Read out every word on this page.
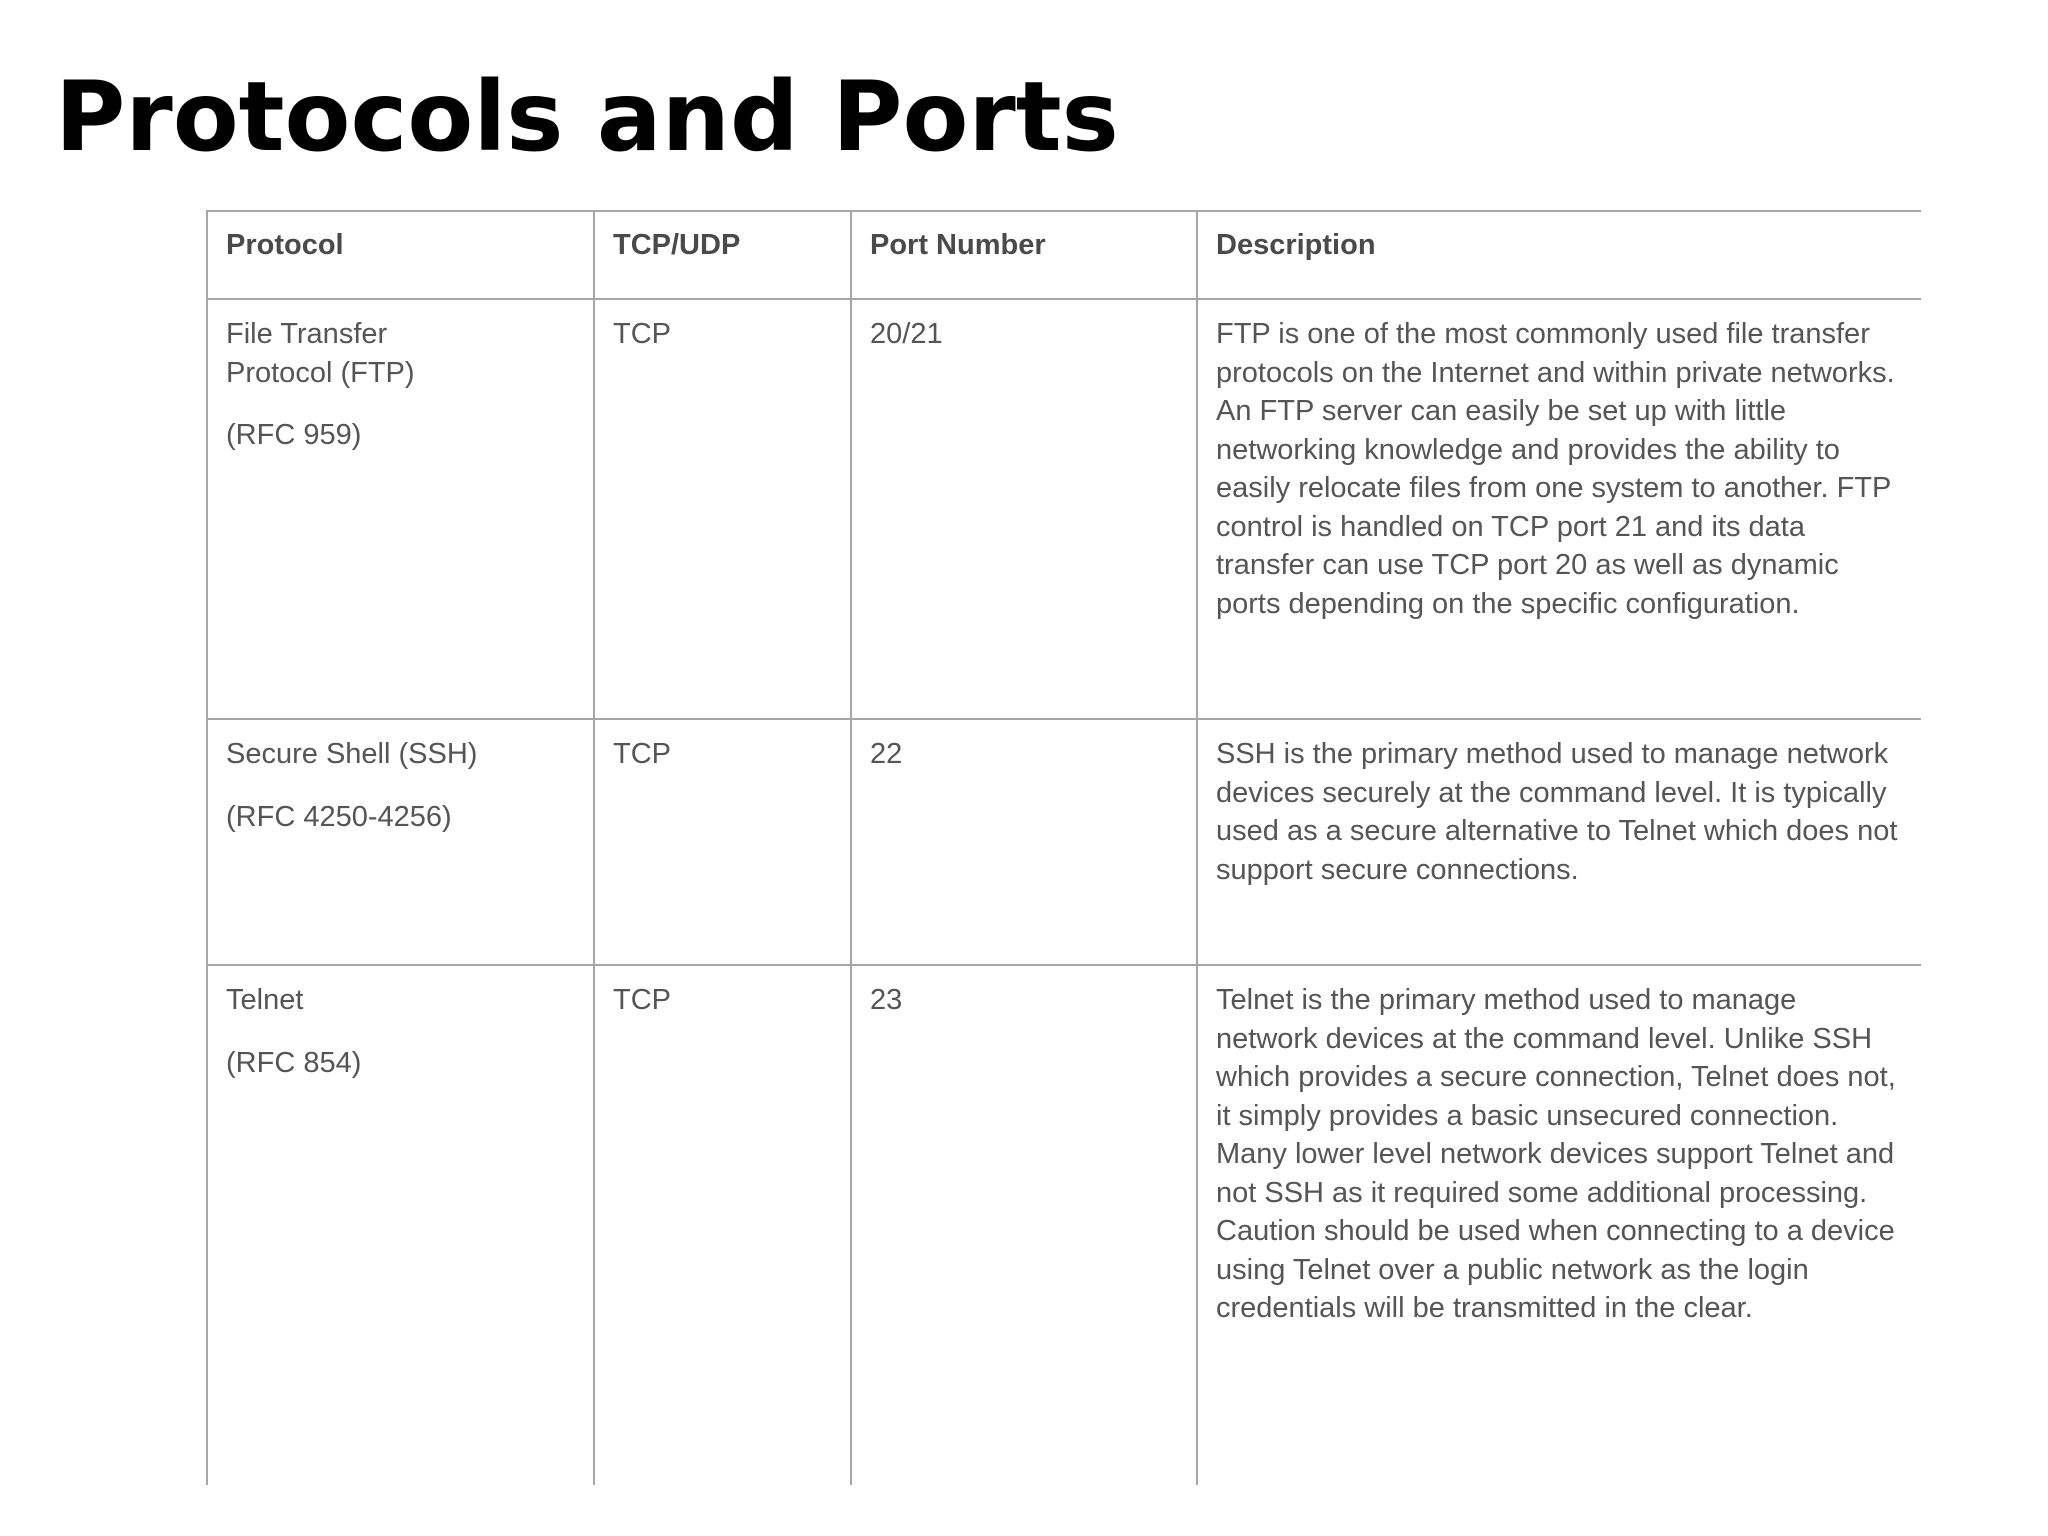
Protocols and Ports
Protocol	TCP/UDP	Port Number	Description

File Transfer Protocol (FTP)
(RFC 959)	TCP	20/21	FTP is one of the most commonly used file transfer protocols on the Internet and within private networks. An FTP server can easily be set up with little networking knowledge and provides the ability to easily relocate files from one system to another. FTP control is handled on TCP port 21 and its data transfer can use TCP port 20 as well as dynamic ports depending on the specific configuration.

Secure Shell (SSH)
(RFC 4250-4256)	TCP	22	SSH is the primary method used to manage network devices securely at the command level. It is typically used as a secure alternative to Telnet which does not support secure connections.

Telnet
(RFC 854)	TCP	23	Telnet is the primary method used to manage network devices at the command level. Unlike SSH which provides a secure connection, Telnet does not, it simply provides a basic unsecured connection. Many lower level network devices support Telnet and not SSH as it required some additional processing. Caution should be used when connecting to a device using Telnet over a public network as the login credentials will be transmitted in the clear.
